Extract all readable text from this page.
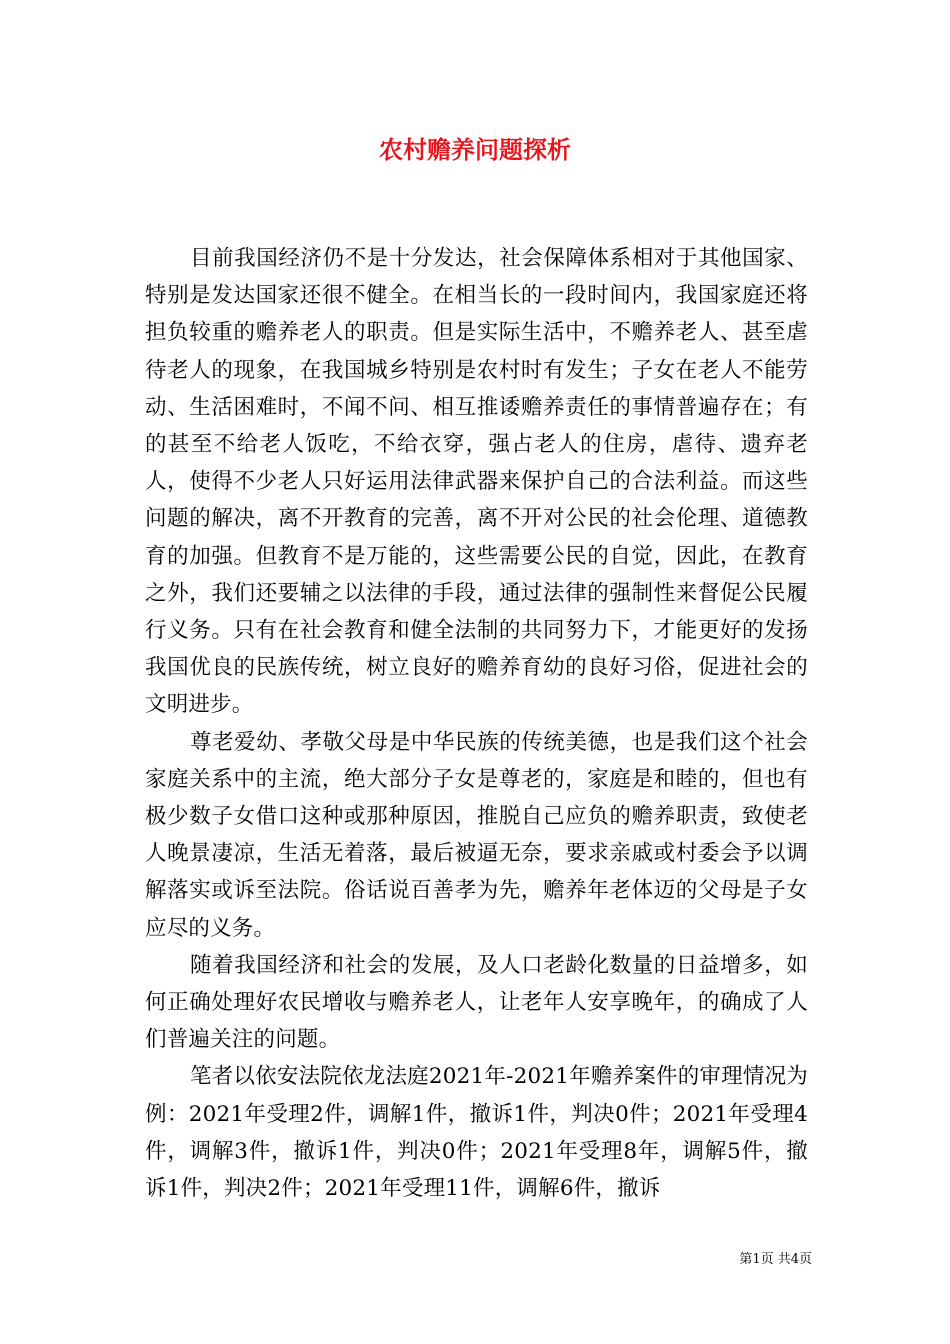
农村赡养问题探析

目前我国经济仍不是十分发达，社会保障体系相对于其他国家、特别是发达国家还很不健全。在相当长的一段时间内，我国家庭还将担负较重的赡养老人的职责。但是实际生活中，不赡养老人、甚至虐待老人的现象，在我国城乡特别是农村时有发生；子女在老人不能劳动、生活困难时，不闻不问、相互推诿赡养责任的事情普遍存在；有的甚至不给老人饭吃，不给衣穿，强占老人的住房，虐待、遗弃老人，使得不少老人只好运用法律武器来保护自己的合法利益。而这些问题的解决，离不开教育的完善，离不开对公民的社会伦理、道德教育的加强。但教育不是万能的，这些需要公民的自觉，因此，在教育之外，我们还要辅之以法律的手段，通过法律的强制性来督促公民履行义务。只有在社会教育和健全法制的共同努力下，才能更好的发扬我国优良的民族传统，树立良好的赡养育幼的良好习俗，促进社会的文明进步。

尊老爱幼、孝敬父母是中华民族的传统美德，也是我们这个社会家庭关系中的主流，绝大部分子女是尊老的，家庭是和睦的，但也有极少数子女借口这种或那种原因，推脱自己应负的赡养职责，致使老人晚景凄凉，生活无着落，最后被逼无奈，要求亲戚或村委会予以调解落实或诉至法院。俗话说百善孝为先，赡养年老体迈的父母是子女应尽的义务。

随着我国经济和社会的发展，及人口老龄化数量的日益增多，如何正确处理好农民增收与赡养老人，让老年人安享晚年，的确成了人们普遍关注的问题。

笔者以依安法院依龙法庭2021年-2021年赡养案件的审理情况为例：2021年受理2件，调解1件，撤诉1件，判决0件；2021年受理4件，调解3件，撤诉1件，判决0件；2021年受理8年，调解5件，撤诉1件，判决2件；2021年受理11件，调解6件，撤诉

第1页 共4页
